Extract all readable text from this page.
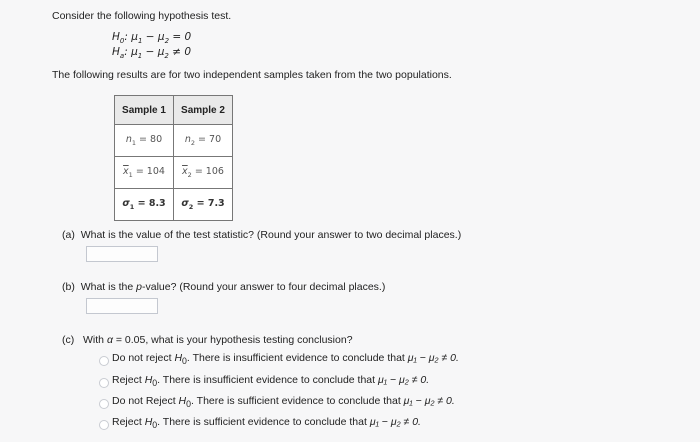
Consider the following hypothesis test.
$H_0$: $\mu_1 - \mu_2 = 0$
$H_a$: $\mu_1 - \mu_2 \ne 0$
The following results are for two independent samples taken from the two populations.
Sample 1	Sample 2
$n_1 = 80$	$n_2 = 70$
$\overline{x}_1 = 104$	$\overline{x}_2 = 106$
$\sigma_1 = 8.3$	$\sigma_2 = 7.3$
(a) What is the value of the test statistic? (Round your answer to two decimal places.)
(b) What is the p-value? (Round your answer to four decimal places.)
(c) With α = 0.05, what is your hypothesis testing conclusion?
Do not reject $H_0$. There is insufficient evidence to conclude that μ₁ − μ₂ ≠ 0.
Reject $H_0$. There is insufficient evidence to conclude that μ₁ − μ₂ ≠ 0.
Do not Reject $H_0$. There is sufficient evidence to conclude that μ₁ − μ₂ ≠ 0.
Reject $H_0$. There is sufficient evidence to conclude that μ₁ − μ₂ ≠ 0.
